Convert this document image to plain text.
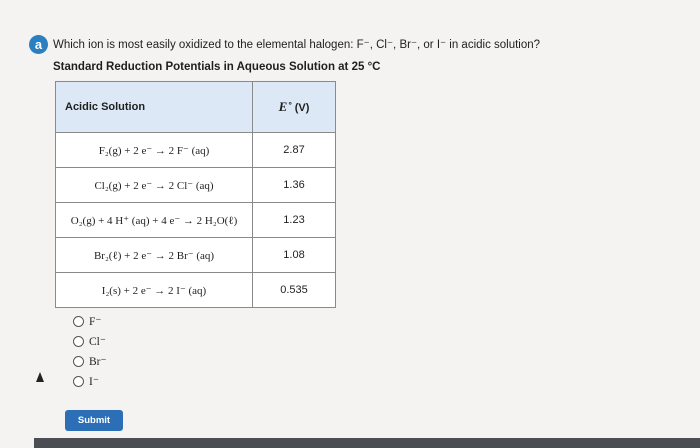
a Which ion is most easily oxidized to the elemental halogen: F⁻, Cl⁻, Br⁻, or I⁻ in acidic solution?
Standard Reduction Potentials in Aqueous Solution at 25 °C
Acidic Solution	E˚ (V)
F₂(g) + 2 e⁻ → 2 F⁻ (aq)	2.87
Cl₂(g) + 2 e⁻ → 2 Cl⁻ (aq)	1.36
O₂(g) + 4 H⁺ (aq) + 4 e⁻ → 2 H₂O(ℓ)	1.23
Br₂(ℓ) + 2 e⁻ → 2 Br⁻ (aq)	1.08
I₂(s) + 2 e⁻ → 2 I⁻ (aq)	0.535
F⁻
Cl⁻
Br⁻
I⁻
Submit
